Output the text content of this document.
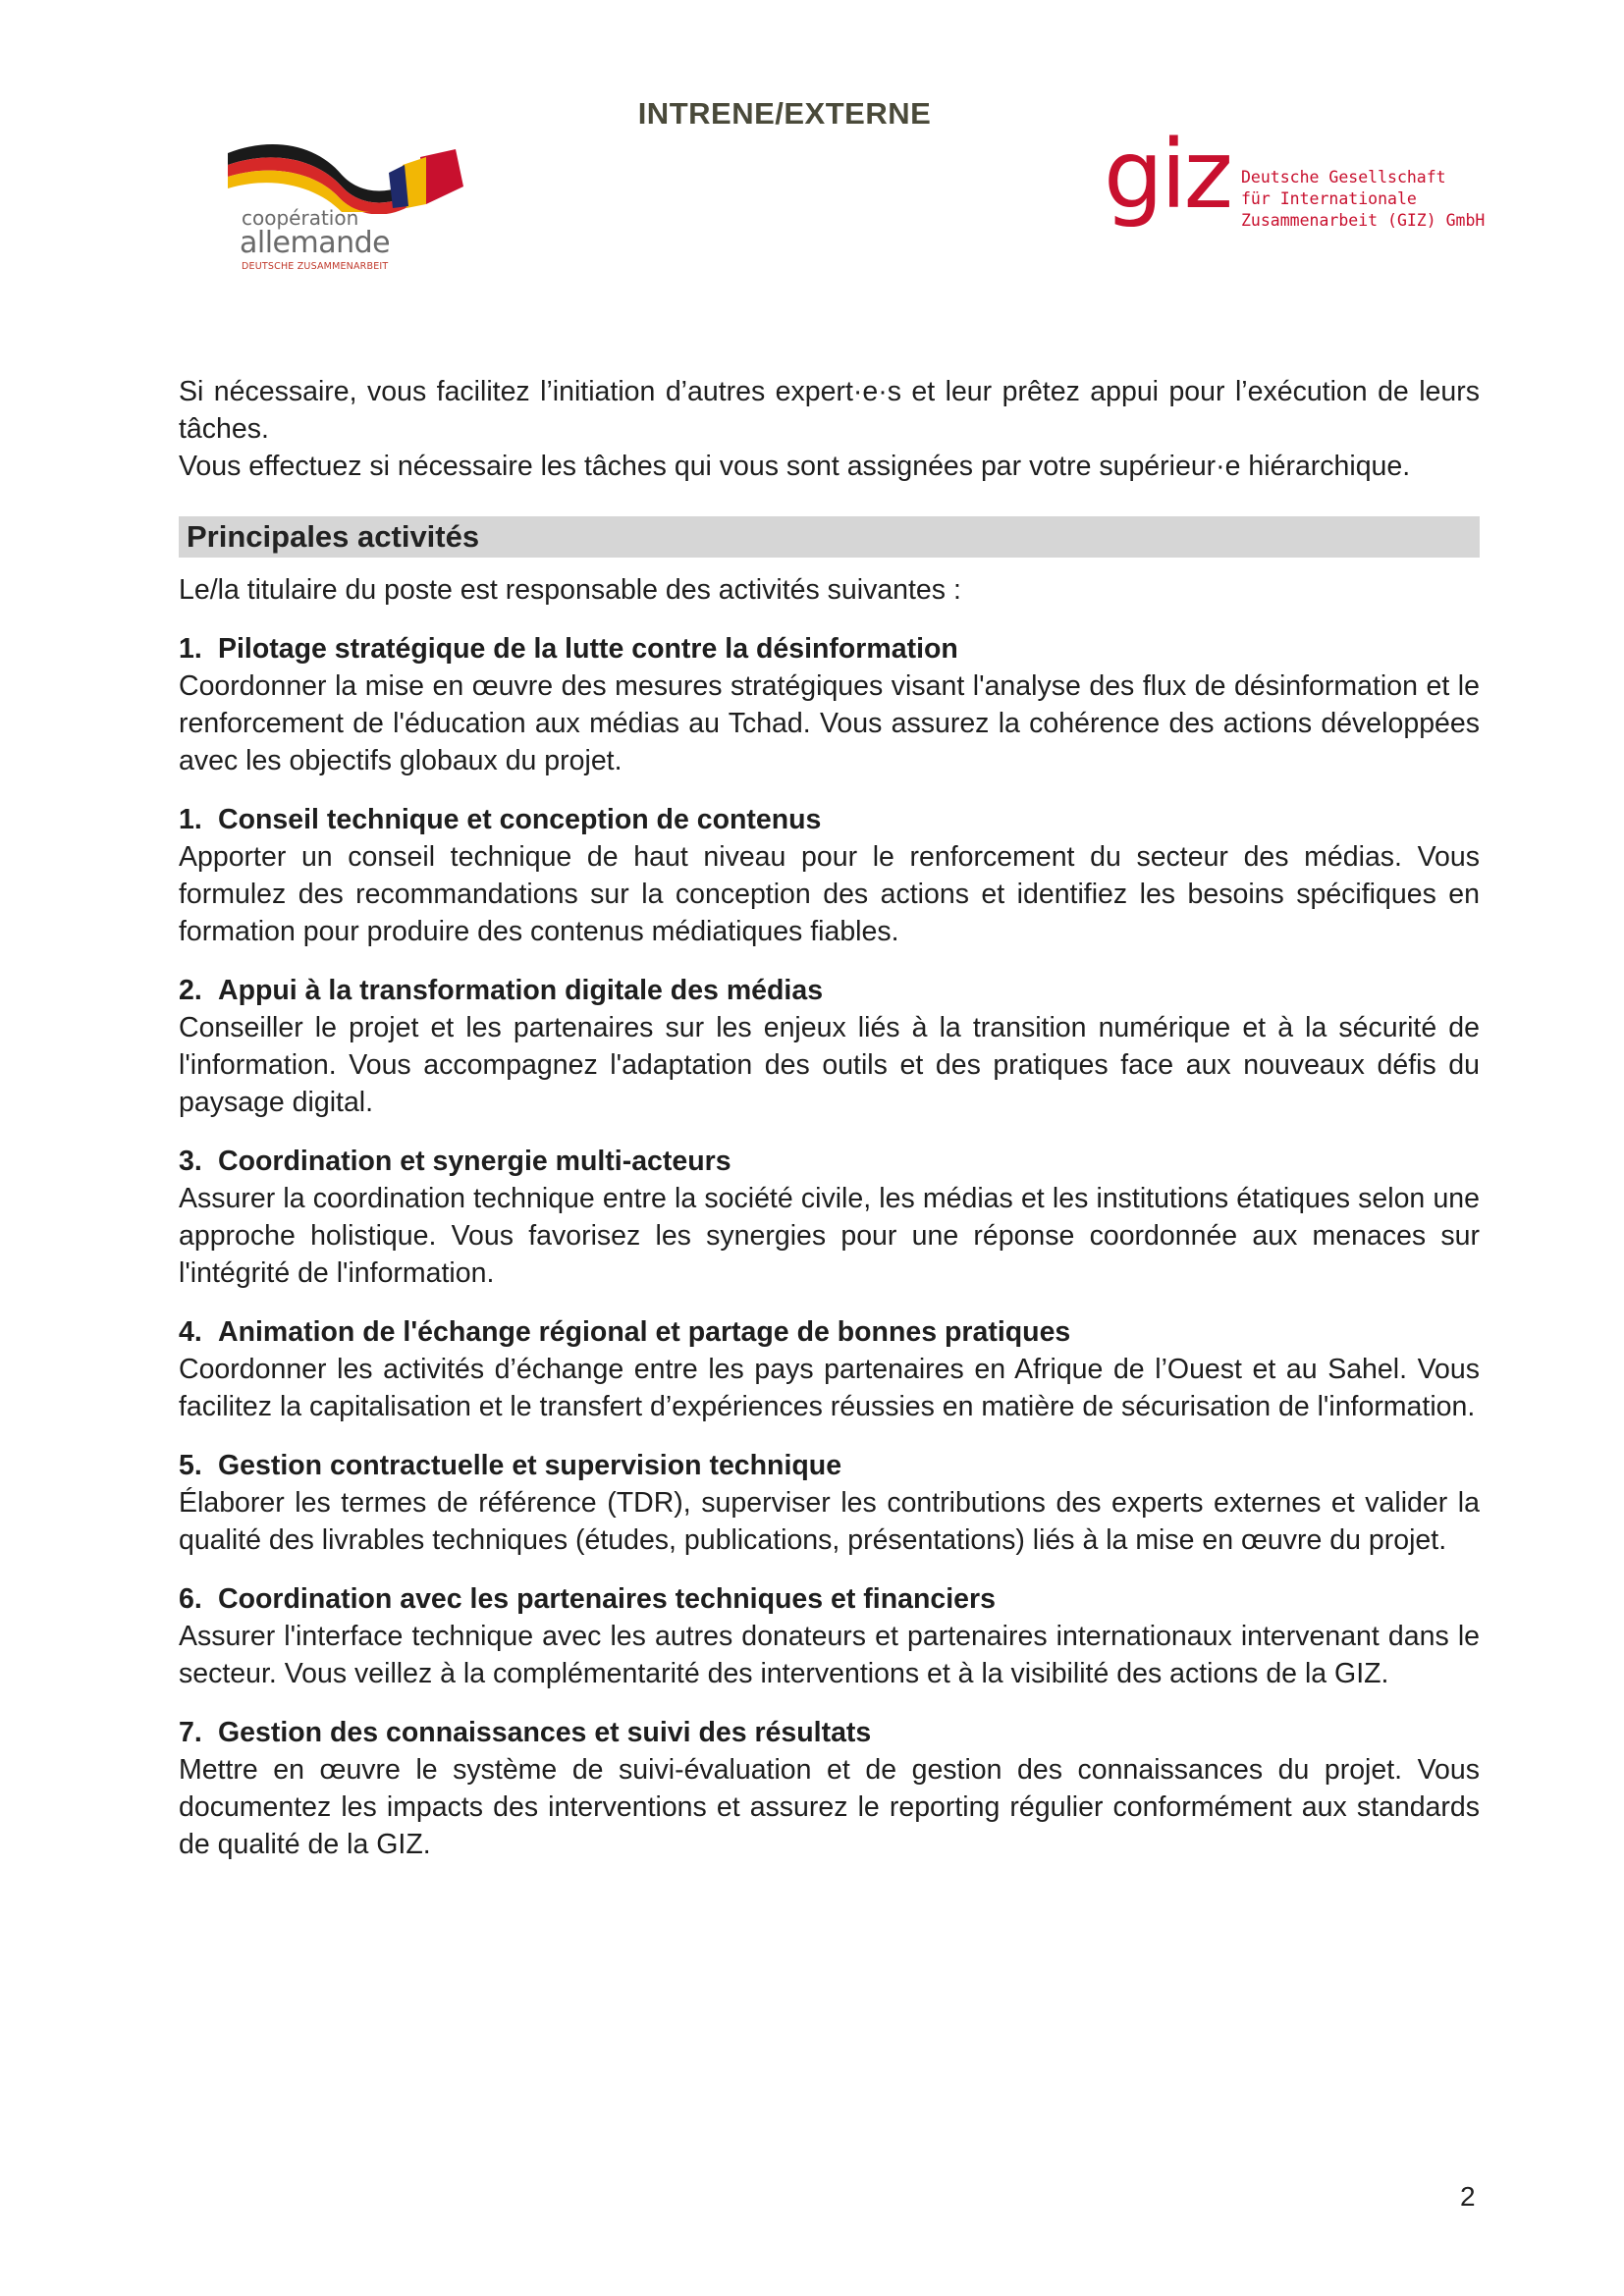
INTRENE/EXTERNE
coopération
allemande
DEUTSCHE ZUSAMMENARBEIT
giz Deutsche Gesellschaft
für Internationale
Zusammenarbeit (GIZ) GmbH

Si nécessaire, vous facilitez l’initiation d’autres expert·e·s et leur prêtez appui pour l’exécution de leurs tâches.

Vous effectuez si nécessaire les tâches qui vous sont assignées par votre supérieur·e hiérarchique.

Principales activités

Le/la titulaire du poste est responsable des activités suivantes :

1. Pilotage stratégique de la lutte contre la désinformation

Coordonner la mise en œuvre des mesures stratégiques visant l'analyse des flux de désinformation et le renforcement de l'éducation aux médias au Tchad. Vous assurez la cohérence des actions développées avec les objectifs globaux du projet.

1. Conseil technique et conception de contenus

Apporter un conseil technique de haut niveau pour le renforcement du secteur des médias. Vous formulez des recommandations sur la conception des actions et identifiez les besoins spécifiques en formation pour produire des contenus médiatiques fiables.

2. Appui à la transformation digitale des médias

Conseiller le projet et les partenaires sur les enjeux liés à la transition numérique et à la sécurité de l'information. Vous accompagnez l'adaptation des outils et des pratiques face aux nouveaux défis du paysage digital.

3. Coordination et synergie multi-acteurs

Assurer la coordination technique entre la société civile, les médias et les institutions étatiques selon une approche holistique. Vous favorisez les synergies pour une réponse coordonnée aux menaces sur l'intégrité de l'information.

4. Animation de l'échange régional et partage de bonnes pratiques

Coordonner les activités d’échange entre les pays partenaires en Afrique de l’Ouest et au Sahel. Vous facilitez la capitalisation et le transfert d’expériences réussies en matière de sécurisation de l'information.

5. Gestion contractuelle et supervision technique

Élaborer les termes de référence (TDR), superviser les contributions des experts externes et valider la qualité des livrables techniques (études, publications, présentations) liés à la mise en œuvre du projet.

6. Coordination avec les partenaires techniques et financiers

Assurer l'interface technique avec les autres donateurs et partenaires internationaux intervenant dans le secteur. Vous veillez à la complémentarité des interventions et à la visibilité des actions de la GIZ.

7. Gestion des connaissances et suivi des résultats

Mettre en œuvre le système de suivi-évaluation et de gestion des connaissances du projet. Vous documentez les impacts des interventions et assurez le reporting régulier conformément aux standards de qualité de la GIZ.

2
